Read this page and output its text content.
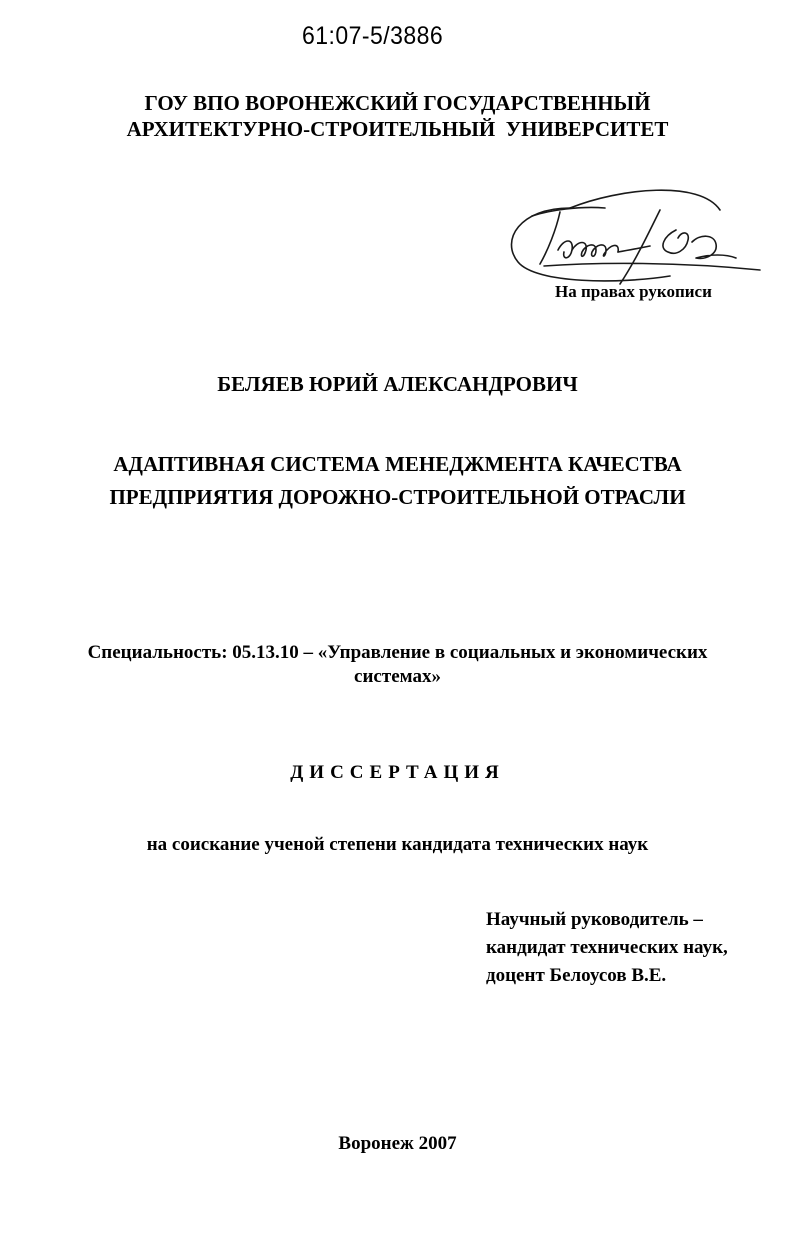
61:07-5/3886
ГОУ ВПО ВОРОНЕЖСКИЙ ГОСУДАРСТВЕННЫЙ
АРХИТЕКТУРНО-СТРОИТЕЛЬНЫЙ  УНИВЕРСИТЕТ
На правах рукописи
БЕЛЯЕВ ЮРИЙ АЛЕКСАНДРОВИЧ
АДАПТИВНАЯ СИСТЕМА МЕНЕДЖМЕНТА КАЧЕСТВА
ПРЕДПРИЯТИЯ ДОРОЖНО-СТРОИТЕЛЬНОЙ ОТРАСЛИ
Специальность: 05.13.10 – «Управление в социальных и экономических
системах»
ДИССЕРТАЦИЯ
на соискание ученой степени кандидата технических наук
Научный руководитель –
кандидат технических наук,
доцент Белоусов В.Е.
Воронеж 2007
